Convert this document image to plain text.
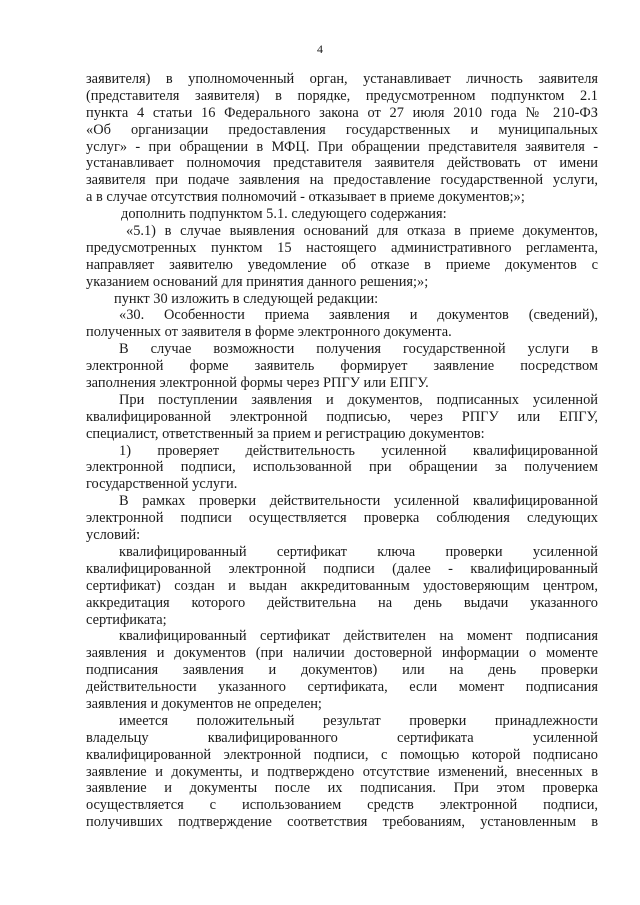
4
заявителя) в уполномоченный орган, устанавливает личность заявителя
(представителя заявителя) в порядке, предусмотренном подпунктом 2.1
пункта 4 статьи 16 Федерального закона от 27 июля 2010 года № 210-ФЗ
«Об организации предоставления государственных и муниципальных
услуг» - при обращении в МФЦ. При обращении представителя заявителя -
устанавливает полномочия представителя заявителя действовать от имени
заявителя при подаче заявления на предоставление государственной услуги,
а в случае отсутствия полномочий - отказывает в приеме документов;»;
дополнить подпунктом 5.1. следующего содержания:
«5.1) в случае выявления оснований для отказа в приеме документов,
предусмотренных пунктом 15 настоящего административного регламента,
направляет заявителю уведомление об отказе в приеме документов с
указанием оснований для принятия данного решения;»;
пункт 30 изложить в следующей редакции:
«30. Особенности приема заявления и документов (сведений),
полученных от заявителя в форме электронного документа.
В случае возможности получения государственной услуги в
электронной форме заявитель формирует заявление посредством
заполнения электронной формы через РПГУ или ЕПГУ.
При поступлении заявления и документов, подписанных усиленной
квалифицированной электронной подписью, через РПГУ или ЕПГУ,
специалист, ответственный за прием и регистрацию документов:
1) проверяет действительность усиленной квалифицированной
электронной подписи, использованной при обращении за получением
государственной услуги.
В рамках проверки действительности усиленной квалифицированной
электронной подписи осуществляется проверка соблюдения следующих
условий:
квалифицированный сертификат ключа проверки усиленной
квалифицированной электронной подписи (далее - квалифицированный
сертификат) создан и выдан аккредитованным удостоверяющим центром,
аккредитация которого действительна на день выдачи указанного
сертификата;
квалифицированный сертификат действителен на момент подписания
заявления и документов (при наличии достоверной информации о моменте
подписания заявления и документов) или на день проверки
действительности указанного сертификата, если момент подписания
заявления и документов не определен;
имеется положительный результат проверки принадлежности
владельцу квалифицированного сертификата усиленной
квалифицированной электронной подписи, с помощью которой подписано
заявление и документы, и подтверждено отсутствие изменений, внесенных в
заявление и документы после их подписания. При этом проверка
осуществляется с использованием средств электронной подписи,
получивших подтверждение соответствия требованиям, установленным в
